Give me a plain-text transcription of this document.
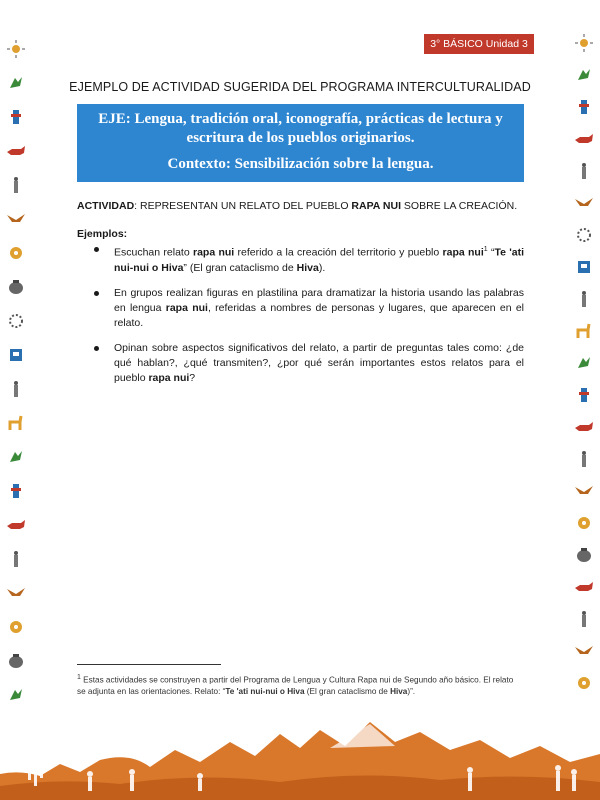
3° BÁSICO Unidad 3
EJEMPLO DE ACTIVIDAD SUGERIDA DEL PROGRAMA INTERCULTURALIDAD
EJE: Lengua, tradición oral, iconografía, prácticas de lectura y
escritura de los pueblos originarios.
Contexto: Sensibilización sobre la lengua.
ACTIVIDAD: REPRESENTAN UN RELATO DEL PUEBLO RAPA NUI SOBRE LA CREACIÓN.
Ejemplos:
Escuchan relato rapa nui referido a la creación del territorio y pueblo rapa nui$^1$ “Te 'ati nui-nui o Hiva” (El gran cataclismo de Hiva).
En grupos realizan figuras en plastilina para dramatizar la historia usando las palabras en lengua rapa nui, referidas a nombres de personas y lugares, que aparecen en el relato.
Opinan sobre aspectos significativos del relato, a partir de preguntas tales como: ¿de qué hablan?, ¿qué transmiten?, ¿por qué serán importantes estos relatos para el pueblo rapa nui?
$^1$ Estas actividades se construyen a partir del Programa de Lengua y Cultura Rapa nui de Segundo año básico. El relato se adjunta en las orientaciones. Relato: “Te 'ati nui-nui o Hiva (El gran cataclismo de Hiva)”.
